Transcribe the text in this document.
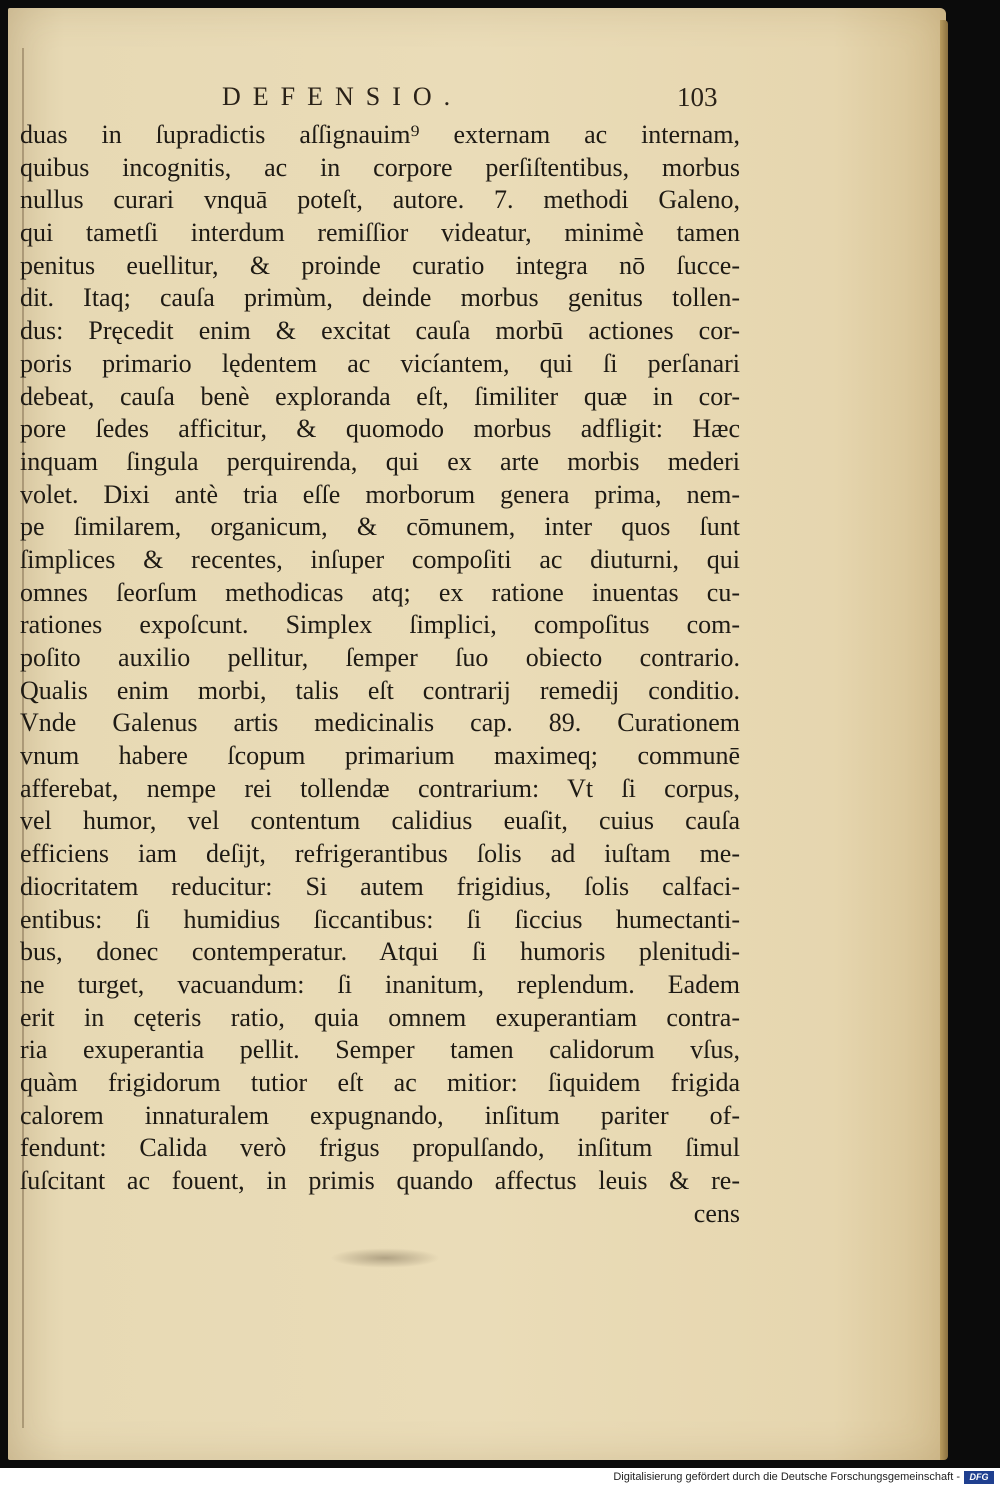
DEFENSIO.	103
duas in ſupradictis aſſignauim⁹ externam ac internam,
quibus incognitis, ac in corpore perſiſtentibus, morbus
nullus curari vnquā poteſt, autore. 7. methodi Galeno,
qui tametſi interdum remiſſior videatur, minimè tamen
penitus euellitur, & proinde curatio integra nō ſucce-
dit. Itaq; cauſa primùm, deinde morbus genitus tollen-
dus: Pręcedit enim & excitat cauſa morbū actiones cor-
poris primario lędentem ac vicíantem, qui ſi perſanari
debeat, cauſa benè exploranda eſt, ſimiliter quæ in cor-
pore ſedes afficitur, & quomodo morbus adfligit: Hæc
inquam ſingula perquirenda, qui ex arte morbis mederi
volet. Dixi antè tria eſſe morborum genera prima, nem-
pe ſimilarem, organicum, & cōmunem, inter quos ſunt
ſimplices & recentes, inſuper compoſiti ac diuturni, qui
omnes ſeorſum methodicas atq; ex ratione inuentas cu-
rationes expoſcunt. Simplex ſimplici, compoſitus com-
poſito auxilio pellitur, ſemper ſuo obiecto contrario.
Qualis enim morbi, talis eſt contrarij remedij conditio.
Vnde Galenus artis medicinalis cap. 89. Curationem
vnum habere ſcopum primarium maximeq; communē
afferebat, nempe rei tollendæ contrarium: Vt ſi corpus,
vel humor, vel contentum calidius euaſit, cuius cauſa
efficiens iam deſijt, refrigerantibus ſolis ad iuſtam me-
diocritatem reducitur: Si autem frigidius, ſolis calfaci-
entibus: ſi humidius ſiccantibus: ſi ſiccius humectanti-
bus, donec contemperatur. Atqui ſi humoris plenitudi-
ne turget, vacuandum: ſi inanitum, replendum. Eadem
erit in cęteris ratio, quia omnem exuperantiam contra-
ria exuperantia pellit. Semper tamen calidorum vſus,
quàm frigidorum tutior eſt ac mitior: ſiquidem frigida
calorem innaturalem expugnando, inſitum pariter of-
fendunt: Calida verò frigus propulſando, inſitum ſimul
ſuſcitant ac fouent, in primis quando affectus leuis & re-
cens
Digitalisierung gefördert durch die Deutsche Forschungsgemeinschaft -	DFG
